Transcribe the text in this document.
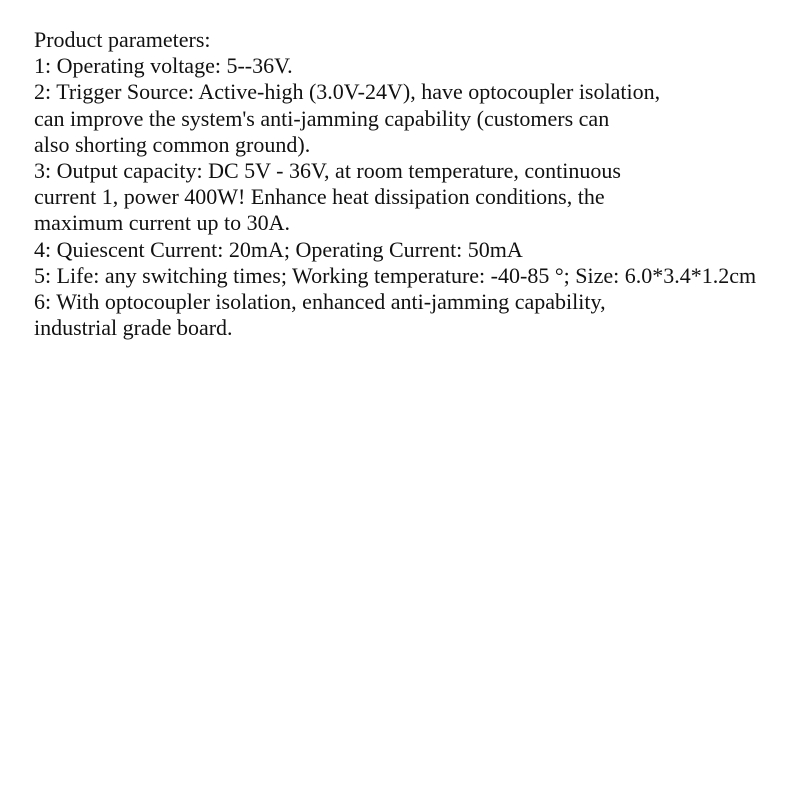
Product parameters:
1: Operating voltage: 5--36V.
2: Trigger Source: Active-high (3.0V-24V), have optocoupler isolation,
can improve the system's anti-jamming capability (customers can
also shorting common ground).
3: Output capacity: DC 5V - 36V, at room temperature, continuous
current 1, power 400W! Enhance heat dissipation conditions, the
maximum current up to 30A.
4: Quiescent Current: 20mA; Operating Current: 50mA
5: Life: any switching times; Working temperature: -40-85 °; Size: 6.0*3.4*1.2cm
6: With optocoupler isolation, enhanced anti-jamming capability,
industrial grade board.
